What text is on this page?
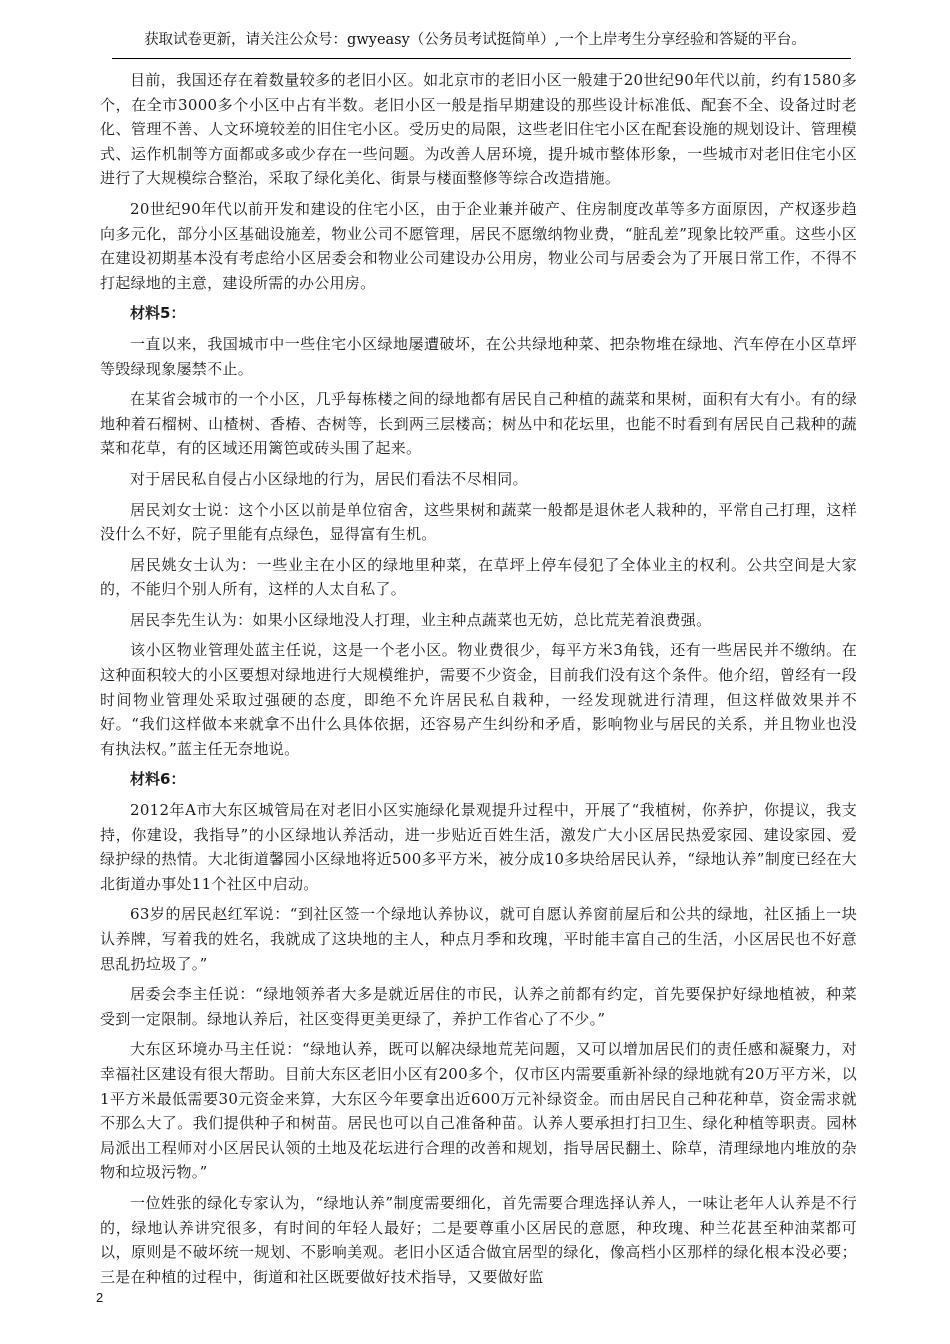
获取试卷更新，请关注公众号：gwyeasy（公务员考试挺简单）,一个上岸考生分享经验和答疑的平台。

目前，我国还存在着数量较多的老旧小区。如北京市的老旧小区一般建于20世纪90年代以前，约有1580多个，在全市3000多个小区中占有半数。老旧小区一般是指早期建设的那些设计标准低、配套不全、设备过时老化、管理不善、人文环境较差的旧住宅小区。受历史的局限，这些老旧住宅小区在配套设施的规划设计、管理模式、运作机制等方面都或多或少存在一些问题。为改善人居环境，提升城市整体形象，一些城市对老旧住宅小区进行了大规模综合整治，采取了绿化美化、街景与楼面整修等综合改造措施。

20世纪90年代以前开发和建设的住宅小区，由于企业兼并破产、住房制度改革等多方面原因，产权逐步趋向多元化，部分小区基础设施差，物业公司不愿管理，居民不愿缴纳物业费，“脏乱差”现象比较严重。这些小区在建设初期基本没有考虑给小区居委会和物业公司建设办公用房，物业公司与居委会为了开展日常工作，不得不打起绿地的主意，建设所需的办公用房。

材料5：

一直以来，我国城市中一些住宅小区绿地屡遭破坏，在公共绿地种菜、把杂物堆在绿地、汽车停在小区草坪等毁绿现象屡禁不止。

在某省会城市的一个小区，几乎每栋楼之间的绿地都有居民自己种植的蔬菜和果树，面积有大有小。有的绿地种着石榴树、山楂树、香椿、杏树等，长到两三层楼高；树丛中和花坛里，也能不时看到有居民自己栽种的蔬菜和花草，有的区域还用篱笆或砖头围了起来。

对于居民私自侵占小区绿地的行为，居民们看法不尽相同。

居民刘女士说：这个小区以前是单位宿舍，这些果树和蔬菜一般都是退休老人栽种的，平常自己打理，这样没什么不好，院子里能有点绿色，显得富有生机。

居民姚女士认为：一些业主在小区的绿地里种菜，在草坪上停车侵犯了全体业主的权利。公共空间是大家的，不能归个别人所有，这样的人太自私了。

居民李先生认为：如果小区绿地没人打理，业主种点蔬菜也无妨，总比荒芜着浪费强。

该小区物业管理处蓝主任说，这是一个老小区。物业费很少，每平方米3角钱，还有一些居民并不缴纳。在这种面积较大的小区要想对绿地进行大规模维护，需要不少资金，目前我们没有这个条件。他介绍，曾经有一段时间物业管理处采取过强硬的态度，即绝不允许居民私自栽种，一经发现就进行清理，但这样做效果并不好。“我们这样做本来就拿不出什么具体依据，还容易产生纠纷和矛盾，影响物业与居民的关系，并且物业也没有执法权。”蓝主任无奈地说。

材料6：

2012年A市大东区城管局在对老旧小区实施绿化景观提升过程中，开展了“我植树，你养护，你提议，我支持，你建设，我指导”的小区绿地认养活动，进一步贴近百姓生活，激发广大小区居民热爱家园、建设家园、爱绿护绿的热情。大北街道馨园小区绿地将近500多平方米，被分成10多块给居民认养，“绿地认养”制度已经在大北街道办事处11个社区中启动。

63岁的居民赵红军说：“到社区签一个绿地认养协议，就可自愿认养窗前屋后和公共的绿地，社区插上一块认养牌，写着我的姓名，我就成了这块地的主人，种点月季和玫瑰，平时能丰富自己的生活，小区居民也不好意思乱扔垃圾了。”

居委会李主任说：“绿地领养者大多是就近居住的市民，认养之前都有约定，首先要保护好绿地植被，种菜受到一定限制。绿地认养后，社区变得更美更绿了，养护工作省心了不少。”

大东区环境办马主任说：“绿地认养，既可以解决绿地荒芜问题，又可以增加居民们的责任感和凝聚力，对幸福社区建设有很大帮助。目前大东区老旧小区有200多个，仅市区内需要重新补绿的绿地就有20万平方米，以1平方米最低需要30元资金来算，大东区今年要拿出近600万元补绿资金。而由居民自己种花种草，资金需求就不那么大了。我们提供种子和树苗。居民也可以自己准备种苗。认养人要承担打扫卫生、绿化种植等职责。园林局派出工程师对小区居民认领的土地及花坛进行合理的改善和规划，指导居民翻土、除草，清理绿地内堆放的杂物和垃圾污物。”

一位姓张的绿化专家认为，“绿地认养”制度需要细化，首先需要合理选择认养人，一味让老年人认养是不行的，绿地认养讲究很多，有时间的年轻人最好；二是要尊重小区居民的意愿，种玫瑰、种兰花甚至种油菜都可以，原则是不破坏统一规划、不影响美观。老旧小区适合做宜居型的绿化，像高档小区那样的绿化根本没必要；三是在种植的过程中，街道和社区既要做好技术指导，又要做好监

2
